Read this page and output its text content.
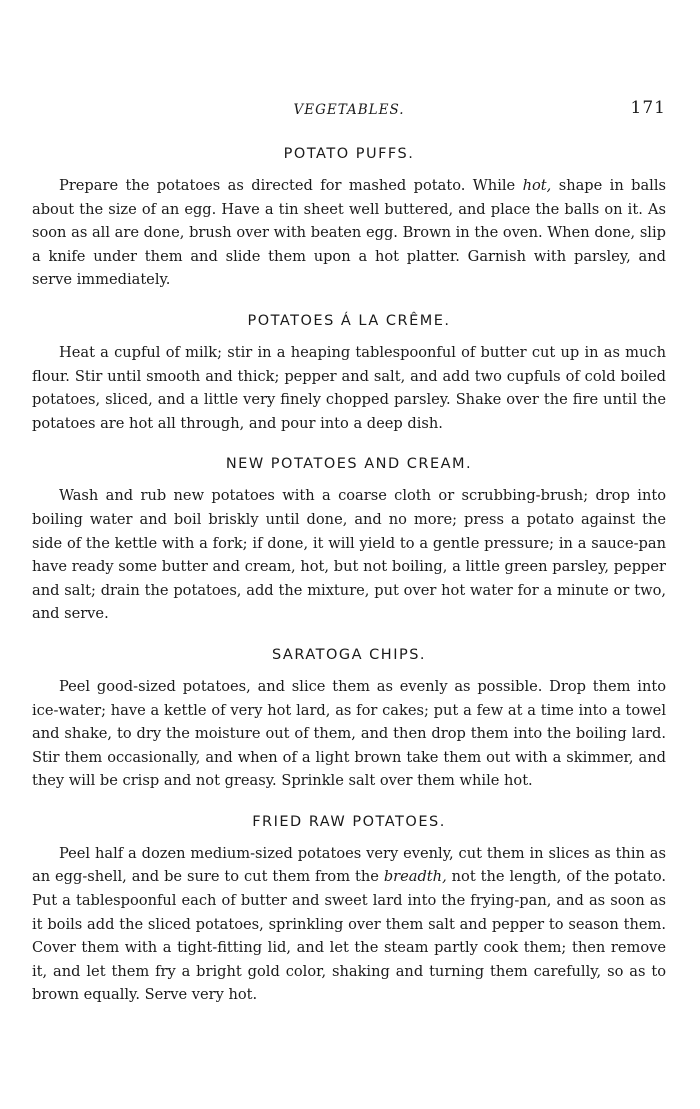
VEGETABLES.	171
POTATO PUFFS.

Prepare the potatoes as directed for mashed potato. While hot, shape in balls about the size of an egg. Have a tin sheet well buttered, and place the balls on it. As soon as all are done, brush over with beaten egg. Brown in the oven. When done, slip a knife under them and slide them upon a hot platter. Garnish with parsley, and serve immediately.

POTATOES Á LA CRÊME.

Heat a cupful of milk; stir in a heaping tablespoonful of butter cut up in as much flour. Stir until smooth and thick; pepper and salt, and add two cupfuls of cold boiled potatoes, sliced, and a little very finely chopped parsley. Shake over the fire until the potatoes are hot all through, and pour into a deep dish.

NEW POTATOES AND CREAM.

Wash and rub new potatoes with a coarse cloth or scrubbing-brush; drop into boiling water and boil briskly until done, and no more; press a potato against the side of the kettle with a fork; if done, it will yield to a gentle pressure; in a sauce-pan have ready some butter and cream, hot, but not boiling, a little green parsley, pepper and salt; drain the potatoes, add the mixture, put over hot water for a minute or two, and serve.

SARATOGA CHIPS.

Peel good-sized potatoes, and slice them as evenly as possible. Drop them into ice-water; have a kettle of very hot lard, as for cakes; put a few at a time into a towel and shake, to dry the moisture out of them, and then drop them into the boiling lard. Stir them occasionally, and when of a light brown take them out with a skimmer, and they will be crisp and not greasy. Sprinkle salt over them while hot.

FRIED RAW POTATOES.

Peel half a dozen medium-sized potatoes very evenly, cut them in slices as thin as an egg-shell, and be sure to cut them from the breadth, not the length, of the potato. Put a tablespoonful each of butter and sweet lard into the frying-pan, and as soon as it boils add the sliced potatoes, sprinkling over them salt and pepper to season them. Cover them with a tight-fitting lid, and let the steam partly cook them; then remove it, and let them fry a bright gold color, shaking and turning them carefully, so as to brown equally. Serve very hot.
